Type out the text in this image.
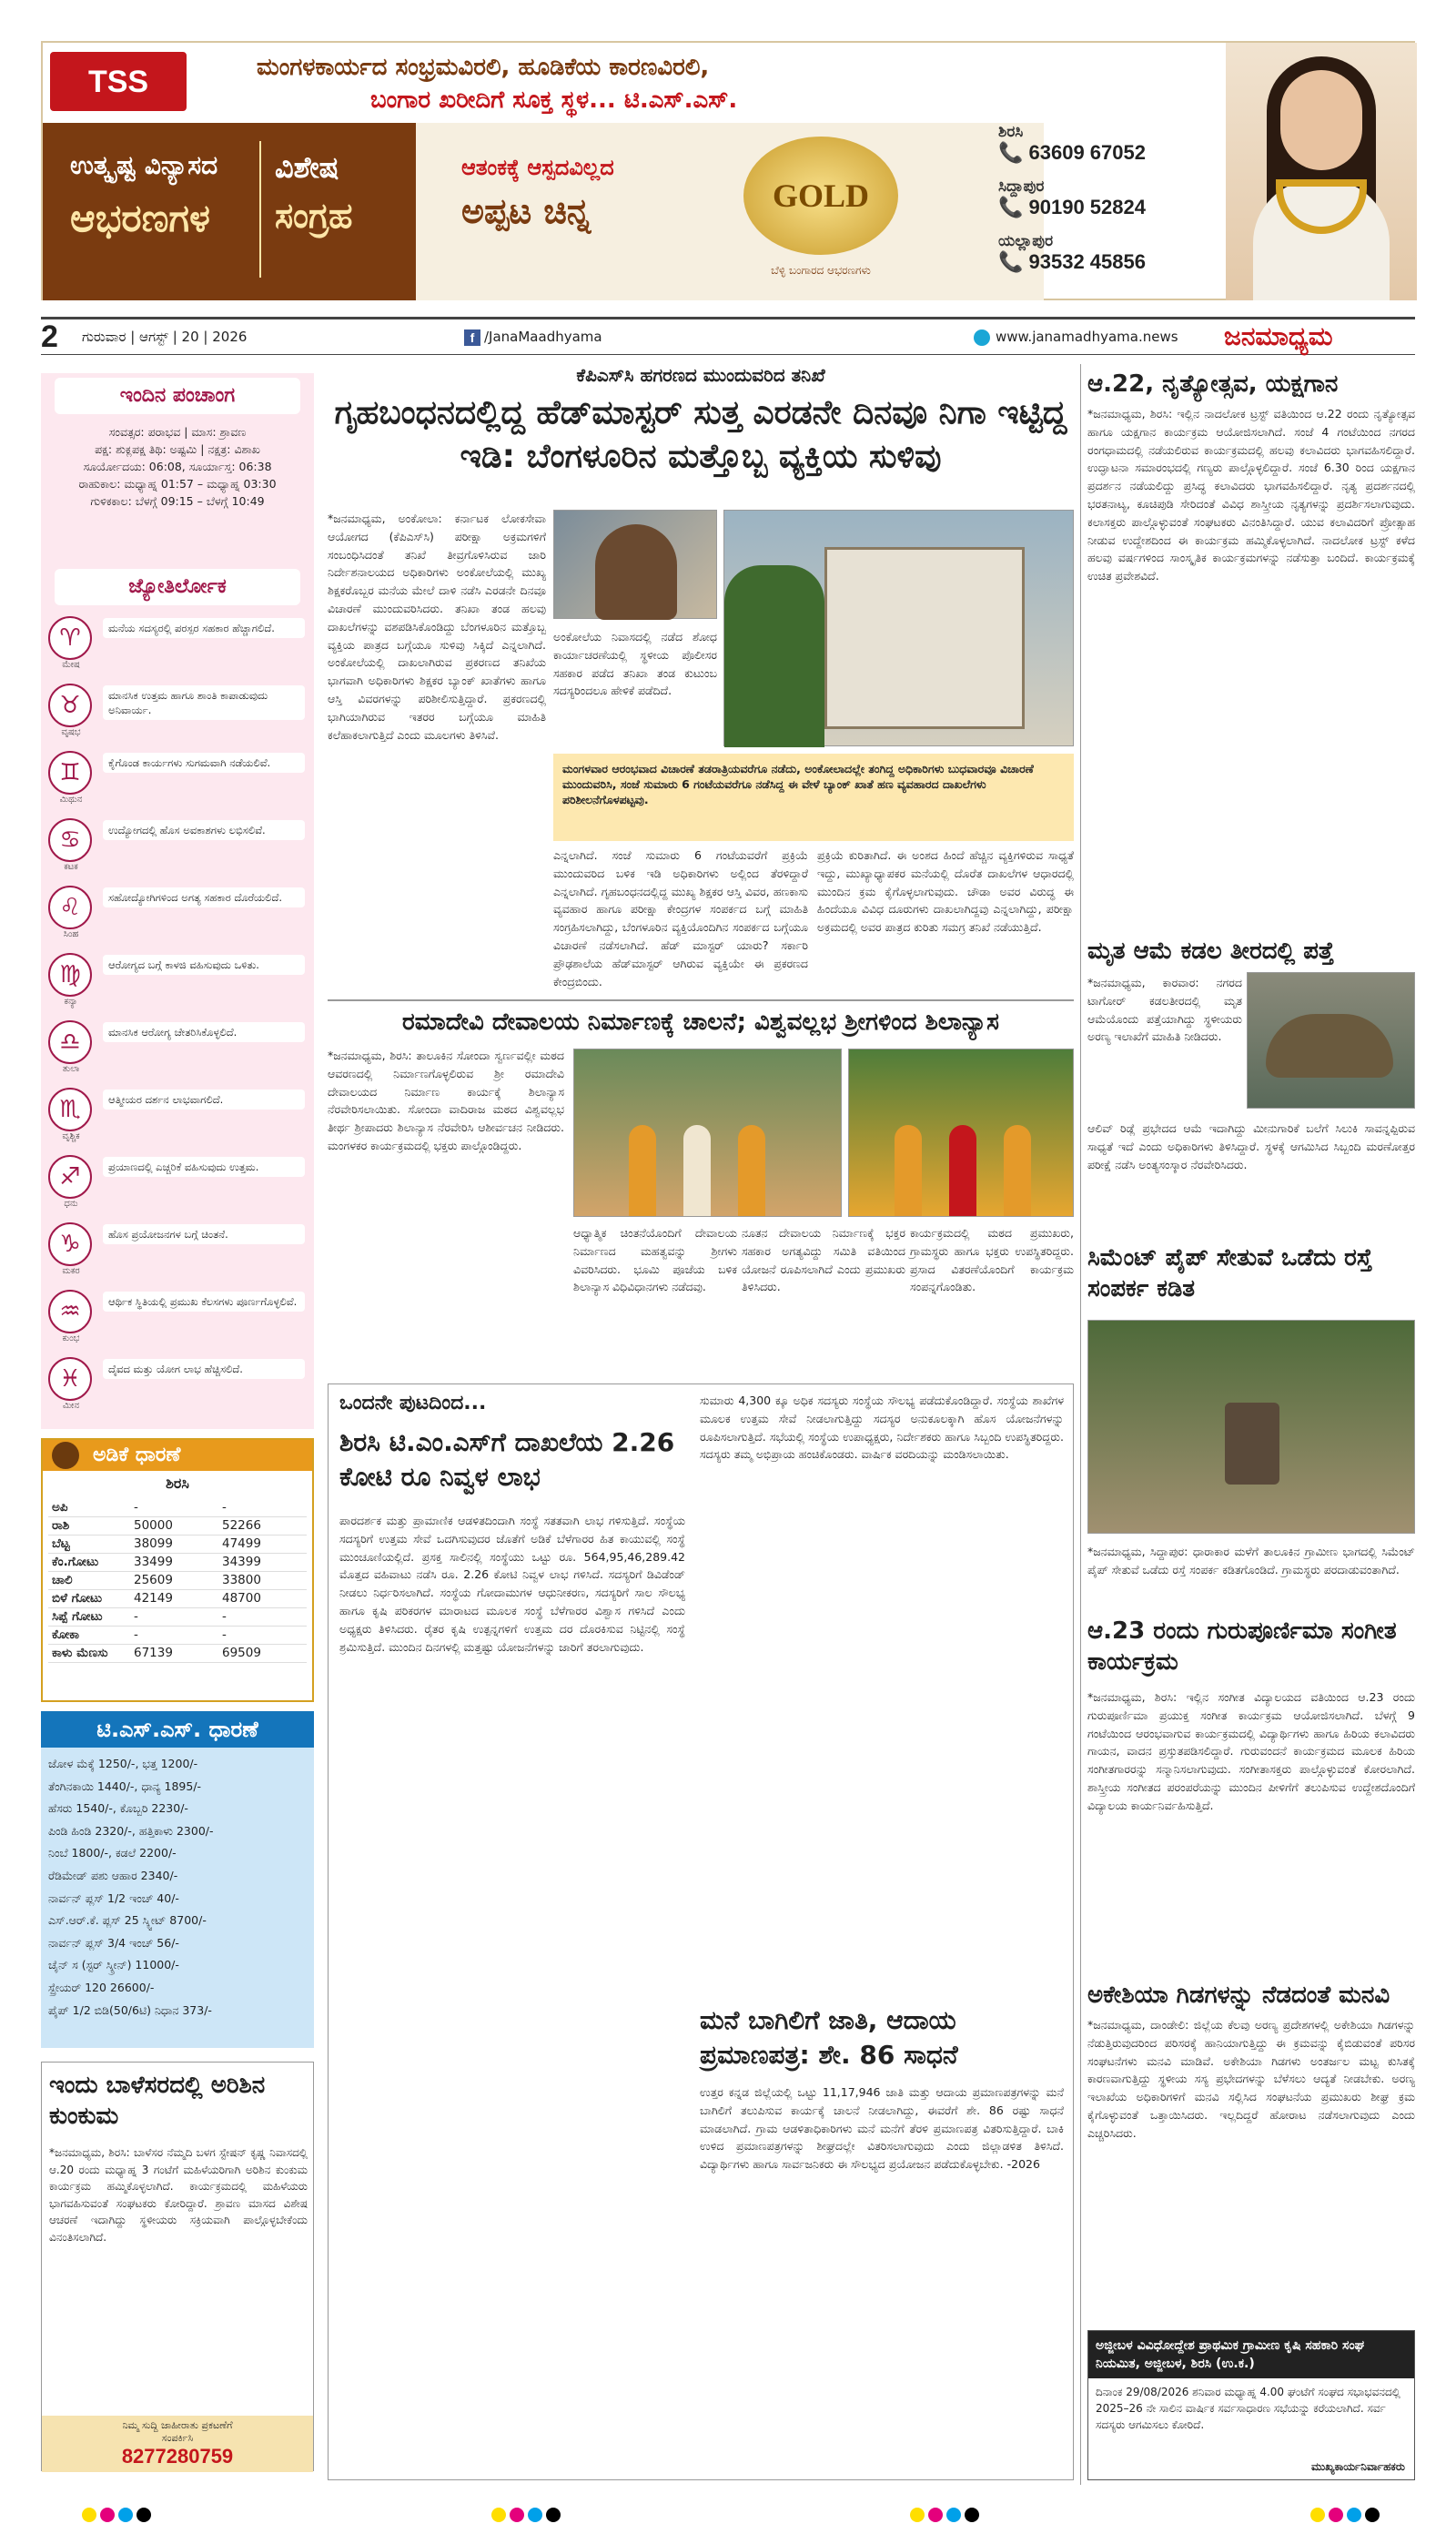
TSS	ಮಂಗಳಕಾರ್ಯದ ಸಂಭ್ರಮವಿರಲಿ, ಹೂಡಿಕೆಯ ಕಾರಣವಿರಲಿ,
ಬಂಗಾರ ಖರೀದಿಗೆ ಸೂಕ್ತ ಸ್ಥಳ... ಟಿ.ಎಸ್.ಎಸ್.
ಉತ್ಕೃಷ್ಟ ವಿನ್ಯಾಸದ
ಆಭರಣಗಳ
ವಿಶೇಷ
ಸಂಗ್ರಹ
ಆತಂಕಕ್ಕೆ ಆಸ್ಪದವಿಲ್ಲದ
ಅಪ್ಪಟ ಚಿನ್ನ	GOLD
ಬೆಳ್ಳಿ ಬಂಗಾರದ ಆಭರಣಗಳು
ಶಿರಸಿ
📞 63609 67052
ಸಿದ್ದಾಪುರ
📞 90190 52824
ಯಲ್ಲಾಪುರ
📞 93532 45856
2 ಗುರುವಾರ | ಆಗಸ್ಟ್ | 20 | 2026	f /JanaMaadhyama	www.janamadhyama.news ಜನಮಾಧ್ಯಮ
ಇಂದಿನ ಪಂಚಾಂಗ
ಸಂವತ್ಸರ: ಪರಾಭವ | ಮಾಸ: ಶ್ರಾವಣ
ಪಕ್ಷ: ಶುಕ್ಲಪಕ್ಷ ತಿಥಿ: ಅಷ್ಟಮಿ | ನಕ್ಷತ್ರ: ವಿಶಾಖ
ಸೂರ್ಯೋದಯ: 06:08, ಸೂರ್ಯಾಸ್ತ: 06:38
ರಾಹುಕಾಲ: ಮಧ್ಯಾಹ್ನ 01:57 – ಮಧ್ಯಾಹ್ನ 03:30
ಗುಳಿಕಕಾಲ: ಬೆಳಗ್ಗೆ 09:15 – ಬೆಳಗ್ಗೆ 10:49
ಜ್ಯೋತಿರ್ಲೋಕ
♈
ಮೇಷ
ಮನೆಯ ಸದಸ್ಯರಲ್ಲಿ ಪರಸ್ಪರ ಸಹಕಾರ ಹೆಚ್ಚಾಗಲಿದೆ.
♉
ವೃಷಭ
ಮಾನಸಿಕ ಉತ್ತಮ ಹಾಗೂ ಶಾಂತಿ ಕಾಪಾಡುವುದು ಅನಿವಾರ್ಯ.
♊
ಮಿಥುನ
ಕೈಗೊಂಡ ಕಾರ್ಯಗಳು ಸುಗಮವಾಗಿ ನಡೆಯಲಿವೆ.
♋
ಕಟಕ
ಉದ್ಯೋಗದಲ್ಲಿ ಹೊಸ ಅವಕಾಶಗಳು ಲಭಿಸಲಿವೆ.
♌
ಸಿಂಹ
ಸಹೋದ್ಯೋಗಿಗಳಿಂದ ಅಗತ್ಯ ಸಹಕಾರ ದೊರೆಯಲಿದೆ.
♍
ಕನ್ಯಾ
ಆರೋಗ್ಯದ ಬಗ್ಗೆ ಕಾಳಜಿ ವಹಿಸುವುದು ಒಳಿತು.
♎
ತುಲಾ
ಮಾನಸಿಕ ಆರೋಗ್ಯ ಚೇತರಿಸಿಕೊಳ್ಳಲಿದೆ.
♏
ವೃಶ್ಚಿಕ
ಆತ್ಮೀಯರ ದರ್ಶನ ಲಾಭವಾಗಲಿದೆ.
♐
ಧನು
ಪ್ರಯಾಣದಲ್ಲಿ ಎಚ್ಚರಿಕೆ ವಹಿಸುವುದು ಉತ್ತಮ.
♑
ಮಕರ
ಹೊಸ ಪ್ರಯೋಜನಗಳ ಬಗ್ಗೆ ಚಿಂತನೆ.
♒
ಕುಂಭ
ಆರ್ಥಿಕ ಸ್ಥಿತಿಯಲ್ಲಿ ಪ್ರಮುಖ ಕೆಲಸಗಳು ಪೂರ್ಣಗೊಳ್ಳಲಿವೆ.
♓
ಮೀನ
ದೈವದ ಮತ್ತು ಯೋಗ ಲಾಭ ಹೆಚ್ಚಿಸಲಿದೆ.
ಅಡಿಕೆ ಧಾರಣೆ
ಶಿರಸಿ
ಅಪಿ	-	-
ರಾಶಿ	50000	52266
ಬೆಟ್ಟ	38099	47499
ಕೆಂ.ಗೋಟು	33499	34399
ಚಾಲಿ	25609	33800
ಬಿಳೆ ಗೋಟು	42149	48700
ಸಿಪ್ಪೆ ಗೋಟು	-	-
ಕೋಕಾ	-	-
ಕಾಳು ಮೆಣಸು	67139	69509
ಟಿ.ಎಸ್.ಎಸ್. ಧಾರಣೆ
ಜೋಳ ಮೆಕ್ಕೆ 1250/-, ಭತ್ತ 1200/-
ತೆಂಗಿನಕಾಯಿ 1440/-, ಧಾನ್ಯ 1895/-
ಹೆಸರು 1540/-, ಕೊಬ್ಬರಿ 2230/-
ಪಿಂಡಿ ಹಿಂಡಿ 2320/-, ಹತ್ತಿಕಾಳು 2300/-
ನಿಂಬೆ 1800/-, ಕಡಲೆ 2200/-
ರೆಡಿಮೇಡ್ ಪಶು ಆಹಾರ 2340/-
ನಾರ್ವನ್ ಪ್ಲಸ್ 1/2 ಇಂಚ್ 40/-
ಎಸ್.ಆರ್.ಕೆ. ಪ್ಲಸ್ 25 ಸ್ಕ್ವೀಟ್ 8700/-
ನಾರ್ವನ್ ಪ್ಲಸ್ 3/4 ಇಂಚ್ 56/-
ಚೈನ್ ಸ (ಸ್ಟರ್ ಸ್ಕ್ರೀನ್) 11000/-
ಸ್ಪ್ರೇಯರ್ 120 26600/-
ಪೈಪ್ 1/2 ಬಿಡಿ(50/6ಟಿ) ನಿಧಾನ 373/-
ಇಂದು ಬಾಳೆಸರದಲ್ಲಿ ಅರಿಶಿನ ಕುಂಕುಮ
*ಜನಮಾಧ್ಯಮ, ಶಿರಸಿ: ಬಾಳೆಸರ ನೆಮ್ಮದಿ ಬಳಗ ಸ್ಟೇಷನ್ ಕೃಷ್ಣ ನಿವಾಸದಲ್ಲಿ ಆ.20 ರಂದು ಮಧ್ಯಾಹ್ನ 3 ಗಂಟೆಗೆ ಮಹಿಳೆಯರಿಗಾಗಿ ಅರಿಶಿನ ಕುಂಕುಮ ಕಾರ್ಯಕ್ರಮ ಹಮ್ಮಿಕೊಳ್ಳಲಾಗಿದೆ. ಕಾರ್ಯಕ್ರಮದಲ್ಲಿ ಮಹಿಳೆಯರು ಭಾಗವಹಿಸುವಂತೆ ಸಂಘಟಕರು ಕೋರಿದ್ದಾರೆ. ಶ್ರಾವಣ ಮಾಸದ ವಿಶೇಷ ಆಚರಣೆ ಇದಾಗಿದ್ದು ಸ್ಥಳೀಯರು ಸಕ್ರಿಯವಾಗಿ ಪಾಲ್ಗೊಳ್ಳಬೇಕೆಂದು ವಿನಂತಿಸಲಾಗಿದೆ.
ನಿಮ್ಮ ಸುದ್ದಿ ಜಾಹೀರಾತು ಪ್ರಕಟಣೆಗೆ
ಸಂಪರ್ಕಿಸಿ
8277280759
ಕೆಪಿಎಸ್‌ಸಿ ಹಗರಣದ ಮುಂದುವರಿದ ತನಿಖೆ
ಗೃಹಬಂಧನದಲ್ಲಿದ್ದ ಹೆಡ್‌ಮಾಸ್ಟರ್ ಸುತ್ತ ಎರಡನೇ ದಿನವೂ ನಿಗಾ ಇಟ್ಟಿದ್ದ ಇಡಿ: ಬೆಂಗಳೂರಿನ ಮತ್ತೊಬ್ಬ ವ್ಯಕ್ತಿಯ ಸುಳಿವು
*ಜನಮಾಧ್ಯಮ, ಅಂಕೋಲಾ: ಕರ್ನಾಟಕ ಲೋಕಸೇವಾ ಆಯೋಗದ (ಕೆಪಿಎಸ್‌ಸಿ) ಪರೀಕ್ಷಾ ಅಕ್ರಮಗಳಿಗೆ ಸಂಬಂಧಿಸಿದಂತೆ ತನಿಖೆ ತೀವ್ರಗೊಳಿಸಿರುವ ಜಾರಿ ನಿರ್ದೇಶನಾಲಯದ ಅಧಿಕಾರಿಗಳು ಅಂಕೋಲೆಯಲ್ಲಿ ಮುಖ್ಯ ಶಿಕ್ಷಕರೊಬ್ಬರ ಮನೆಯ ಮೇಲೆ ದಾಳಿ ನಡೆಸಿ ಎರಡನೇ ದಿನವೂ ವಿಚಾರಣೆ ಮುಂದುವರಿಸಿದರು. ತನಿಖಾ ತಂಡ ಹಲವು ದಾಖಲೆಗಳನ್ನು ವಶಪಡಿಸಿಕೊಂಡಿದ್ದು ಬೆಂಗಳೂರಿನ ಮತ್ತೊಬ್ಬ ವ್ಯಕ್ತಿಯ ಪಾತ್ರದ ಬಗ್ಗೆಯೂ ಸುಳಿವು ಸಿಕ್ಕಿದೆ ಎನ್ನಲಾಗಿದೆ. ಅಂಕೋಲೆಯಲ್ಲಿ ದಾಖಲಾಗಿರುವ ಪ್ರಕರಣದ ತನಿಖೆಯ ಭಾಗವಾಗಿ ಅಧಿಕಾರಿಗಳು ಶಿಕ್ಷಕರ ಬ್ಯಾಂಕ್ ಖಾತೆಗಳು ಹಾಗೂ ಆಸ್ತಿ ವಿವರಗಳನ್ನು ಪರಿಶೀಲಿಸುತ್ತಿದ್ದಾರೆ. ಪ್ರಕರಣದಲ್ಲಿ ಭಾಗಿಯಾಗಿರುವ ಇತರರ ಬಗ್ಗೆಯೂ ಮಾಹಿತಿ ಕಲೆಹಾಕಲಾಗುತ್ತಿದೆ ಎಂದು ಮೂಲಗಳು ತಿಳಿಸಿವೆ.
ಅಂಕೋಲೆಯ ನಿವಾಸದಲ್ಲಿ ನಡೆದ ಶೋಧ ಕಾರ್ಯಾಚರಣೆಯಲ್ಲಿ ಸ್ಥಳೀಯ ಪೊಲೀಸರ ಸಹಕಾರ ಪಡೆದ ತನಿಖಾ ತಂಡ ಕುಟುಂಬ ಸದಸ್ಯರಿಂದಲೂ ಹೇಳಿಕೆ ಪಡೆದಿದೆ.
ಮಂಗಳವಾರ ಆರಂಭವಾದ ವಿಚಾರಣೆ ತಡರಾತ್ರಿಯವರೆಗೂ ನಡೆದು, ಅಂಕೋಲಾದಲ್ಲೇ ತಂಗಿದ್ದ ಅಧಿಕಾರಿಗಳು ಬುಧವಾರವೂ ವಿಚಾರಣೆ ಮುಂದುವರಿಸಿ, ಸಂಜೆ ಸುಮಾರು 6 ಗಂಟೆಯವರೆಗೂ ನಡೆಸಿದ್ದ ಈ ವೇಳೆ ಬ್ಯಾಂಕ್ ಖಾತೆ ಹಣ ವ್ಯವಹಾರದ ದಾಖಲೆಗಳು ಪರಿಶೀಲನೆಗೊಳಪಟ್ಟವು.
ಎನ್ನಲಾಗಿದೆ. ಸಂಜೆ ಸುಮಾರು 6 ಗಂಟೆಯವರೆಗೆ ಪ್ರಕ್ರಿಯೆ ಮುಂದುವರಿದ ಬಳಿಕ ಇಡಿ ಅಧಿಕಾರಿಗಳು ಅಲ್ಲಿಂದ ತೆರಳಿದ್ದಾರೆ ಎನ್ನಲಾಗಿದೆ. ಗೃಹಬಂಧನದಲ್ಲಿದ್ದ ಮುಖ್ಯ ಶಿಕ್ಷಕರ ಆಸ್ತಿ ವಿವರ, ಹಣಕಾಸು ವ್ಯವಹಾರ ಹಾಗೂ ಪರೀಕ್ಷಾ ಕೇಂದ್ರಗಳ ಸಂಪರ್ಕದ ಬಗ್ಗೆ ಮಾಹಿತಿ ಸಂಗ್ರಹಿಸಲಾಗಿದ್ದು, ಬೆಂಗಳೂರಿನ ವ್ಯಕ್ತಿಯೊಂದಿಗಿನ ಸಂಪರ್ಕದ ಬಗ್ಗೆಯೂ ವಿಚಾರಣೆ ನಡೆಸಲಾಗಿದೆ. ಹೆಡ್ ಮಾಸ್ಟರ್ ಯಾರು? ಸರ್ಕಾರಿ ಪ್ರೌಢಶಾಲೆಯ ಹೆಡ್‌ಮಾಸ್ಟರ್ ಆಗಿರುವ ವ್ಯಕ್ತಿಯೇ ಈ ಪ್ರಕರಣದ ಕೇಂದ್ರಬಿಂದು.
ಪ್ರಕ್ರಿಯೆ ಕುರಿತಾಗಿದೆ. ಈ ಅಂಶದ ಹಿಂದೆ ಹೆಚ್ಚಿನ ವ್ಯಕ್ತಿಗಳಿರುವ ಸಾಧ್ಯತೆ ಇದ್ದು, ಮುಖ್ಯಾಧ್ಯಾಪಕರ ಮನೆಯಲ್ಲಿ ದೊರೆತ ದಾಖಲೆಗಳ ಆಧಾರದಲ್ಲಿ ಮುಂದಿನ ಕ್ರಮ ಕೈಗೊಳ್ಳಲಾಗುವುದು. ಚೌಡಾ ಅವರ ವಿರುದ್ಧ ಈ ಹಿಂದೆಯೂ ವಿವಿಧ ದೂರುಗಳು ದಾಖಲಾಗಿದ್ದವು ಎನ್ನಲಾಗಿದ್ದು, ಪರೀಕ್ಷಾ ಅಕ್ರಮದಲ್ಲಿ ಅವರ ಪಾತ್ರದ ಕುರಿತು ಸಮಗ್ರ ತನಿಖೆ ನಡೆಯುತ್ತಿದೆ.
ರಮಾದೇವಿ ದೇವಾಲಯ ನಿರ್ಮಾಣಕ್ಕೆ ಚಾಲನೆ; ವಿಶ್ವವಲ್ಲಭ ಶ್ರೀಗಳಿಂದ ಶಿಲಾನ್ಯಾಸ
*ಜನಮಾಧ್ಯಮ, ಶಿರಸಿ: ತಾಲೂಕಿನ ಸೋಂದಾ ಸ್ವರ್ಣವಲ್ಲೀ ಮಠದ ಆವರಣದಲ್ಲಿ ನಿರ್ಮಾಣಗೊಳ್ಳಲಿರುವ ಶ್ರೀ ರಮಾದೇವಿ ದೇವಾಲಯದ ನಿರ್ಮಾಣ ಕಾರ್ಯಕ್ಕೆ ಶಿಲಾನ್ಯಾಸ ನೆರವೇರಿಸಲಾಯಿತು. ಸೋಂದಾ ವಾದಿರಾಜ ಮಠದ ವಿಶ್ವವಲ್ಲಭ ತೀರ್ಥ ಶ್ರೀಪಾದರು ಶಿಲಾನ್ಯಾಸ ನೆರವೇರಿಸಿ ಆಶೀರ್ವಚನ ನೀಡಿದರು. ಮಂಗಳಕರ ಕಾರ್ಯಕ್ರಮದಲ್ಲಿ ಭಕ್ತರು ಪಾಲ್ಗೊಂಡಿದ್ದರು.
ಆಧ್ಯಾತ್ಮಿಕ ಚಿಂತನೆಯೊಂದಿಗೆ ದೇವಾಲಯ ನಿರ್ಮಾಣದ ಮಹತ್ವವನ್ನು ಶ್ರೀಗಳು ವಿವರಿಸಿದರು. ಭೂಮಿ ಪೂಜೆಯ ಬಳಿಕ ಶಿಲಾನ್ಯಾಸ ವಿಧಿವಿಧಾನಗಳು ನಡೆದವು.
ನೂತನ ದೇವಾಲಯ ನಿರ್ಮಾಣಕ್ಕೆ ಭಕ್ತರ ಸಹಕಾರ ಅಗತ್ಯವಿದ್ದು ಸಮಿತಿ ವತಿಯಿಂದ ಯೋಜನೆ ರೂಪಿಸಲಾಗಿದೆ ಎಂದು ಪ್ರಮುಖರು ತಿಳಿಸಿದರು.
ಕಾರ್ಯಕ್ರಮದಲ್ಲಿ ಮಠದ ಪ್ರಮುಖರು, ಗ್ರಾಮಸ್ಥರು ಹಾಗೂ ಭಕ್ತರು ಉಪಸ್ಥಿತರಿದ್ದರು. ಪ್ರಸಾದ ವಿತರಣೆಯೊಂದಿಗೆ ಕಾರ್ಯಕ್ರಮ ಸಂಪನ್ನಗೊಂಡಿತು.
ಒಂದನೇ ಪುಟದಿಂದ...
ಶಿರಸಿ ಟಿ.ಎಂ.ಎಸ್‌ಗೆ ದಾಖಲೆಯ 2.26 ಕೋಟಿ ರೂ ನಿವ್ವಳ ಲಾಭ
ಪಾರದರ್ಶಕ ಮತ್ತು ಪ್ರಾಮಾಣಿಕ ಆಡಳಿತದಿಂದಾಗಿ ಸಂಸ್ಥೆ ಸತತವಾಗಿ ಲಾಭ ಗಳಿಸುತ್ತಿದೆ. ಸಂಸ್ಥೆಯ ಸದಸ್ಯರಿಗೆ ಉತ್ತಮ ಸೇವೆ ಒದಗಿಸುವುದರ ಜೊತೆಗೆ ಅಡಿಕೆ ಬೆಳೆಗಾರರ ಹಿತ ಕಾಯುವಲ್ಲಿ ಸಂಸ್ಥೆ ಮುಂಚೂಣಿಯಲ್ಲಿದೆ. ಪ್ರಸಕ್ತ ಸಾಲಿನಲ್ಲಿ ಸಂಸ್ಥೆಯು ಒಟ್ಟು ರೂ. 564,95,46,289.42 ಮೊತ್ತದ ವಹಿವಾಟು ನಡೆಸಿ ರೂ. 2.26 ಕೋಟಿ ನಿವ್ವಳ ಲಾಭ ಗಳಿಸಿದೆ. ಸದಸ್ಯರಿಗೆ ಡಿವಿಡೆಂಡ್ ನೀಡಲು ನಿರ್ಧರಿಸಲಾಗಿದೆ. ಸಂಸ್ಥೆಯ ಗೋದಾಮುಗಳ ಆಧುನೀಕರಣ, ಸದಸ್ಯರಿಗೆ ಸಾಲ ಸೌಲಭ್ಯ ಹಾಗೂ ಕೃಷಿ ಪರಿಕರಗಳ ಮಾರಾಟದ ಮೂಲಕ ಸಂಸ್ಥೆ ಬೆಳೆಗಾರರ ವಿಶ್ವಾಸ ಗಳಿಸಿದೆ ಎಂದು ಅಧ್ಯಕ್ಷರು ತಿಳಿಸಿದರು. ರೈತರ ಕೃಷಿ ಉತ್ಪನ್ನಗಳಿಗೆ ಉತ್ತಮ ದರ ದೊರಕಿಸುವ ನಿಟ್ಟಿನಲ್ಲಿ ಸಂಸ್ಥೆ ಶ್ರಮಿಸುತ್ತಿದೆ. ಮುಂದಿನ ದಿನಗಳಲ್ಲಿ ಮತ್ತಷ್ಟು ಯೋಜನೆಗಳನ್ನು ಜಾರಿಗೆ ತರಲಾಗುವುದು.
ಸುಮಾರು 4,300 ಕ್ಕೂ ಅಧಿಕ ಸದಸ್ಯರು ಸಂಸ್ಥೆಯ ಸೌಲಭ್ಯ ಪಡೆದುಕೊಂಡಿದ್ದಾರೆ. ಸಂಸ್ಥೆಯ ಶಾಖೆಗಳ ಮೂಲಕ ಉತ್ತಮ ಸೇವೆ ನೀಡಲಾಗುತ್ತಿದ್ದು ಸದಸ್ಯರ ಅನುಕೂಲಕ್ಕಾಗಿ ಹೊಸ ಯೋಜನೆಗಳನ್ನು ರೂಪಿಸಲಾಗುತ್ತಿದೆ. ಸಭೆಯಲ್ಲಿ ಸಂಸ್ಥೆಯ ಉಪಾಧ್ಯಕ್ಷರು, ನಿರ್ದೇಶಕರು ಹಾಗೂ ಸಿಬ್ಬಂದಿ ಉಪಸ್ಥಿತರಿದ್ದರು. ಸದಸ್ಯರು ತಮ್ಮ ಅಭಿಪ್ರಾಯ ಹಂಚಿಕೊಂಡರು. ವಾರ್ಷಿಕ ವರದಿಯನ್ನು ಮಂಡಿಸಲಾಯಿತು.
ಮನೆ ಬಾಗಿಲಿಗೆ ಜಾತಿ, ಆದಾಯ ಪ್ರಮಾಣಪತ್ರ: ಶೇ. 86 ಸಾಧನೆ
ಉತ್ತರ ಕನ್ನಡ ಜಿಲ್ಲೆಯಲ್ಲಿ ಒಟ್ಟು 11,17,946 ಜಾತಿ ಮತ್ತು ಆದಾಯ ಪ್ರಮಾಣಪತ್ರಗಳನ್ನು ಮನೆ ಬಾಗಿಲಿಗೆ ತಲುಪಿಸುವ ಕಾರ್ಯಕ್ಕೆ ಚಾಲನೆ ನೀಡಲಾಗಿದ್ದು, ಈವರೆಗೆ ಶೇ. 86 ರಷ್ಟು ಸಾಧನೆ ಮಾಡಲಾಗಿದೆ. ಗ್ರಾಮ ಆಡಳಿತಾಧಿಕಾರಿಗಳು ಮನೆ ಮನೆಗೆ ತೆರಳಿ ಪ್ರಮಾಣಪತ್ರ ವಿತರಿಸುತ್ತಿದ್ದಾರೆ. ಬಾಕಿ ಉಳಿದ ಪ್ರಮಾಣಪತ್ರಗಳನ್ನು ಶೀಘ್ರದಲ್ಲೇ ವಿತರಿಸಲಾಗುವುದು ಎಂದು ಜಿಲ್ಲಾಡಳಿತ ತಿಳಿಸಿದೆ. ವಿದ್ಯಾರ್ಥಿಗಳು ಹಾಗೂ ಸಾರ್ವಜನಿಕರು ಈ ಸೌಲಭ್ಯದ ಪ್ರಯೋಜನ ಪಡೆದುಕೊಳ್ಳಬೇಕು. -2026
ಆ.22, ನೃತ್ಯೋತ್ಸವ, ಯಕ್ಷಗಾನ
*ಜನಮಾಧ್ಯಮ, ಶಿರಸಿ: ಇಲ್ಲಿನ ನಾದಲೋಕ ಟ್ರಸ್ಟ್ ವತಿಯಿಂದ ಆ.22 ರಂದು ನೃತ್ಯೋತ್ಸವ ಹಾಗೂ ಯಕ್ಷಗಾನ ಕಾರ್ಯಕ್ರಮ ಆಯೋಜಿಸಲಾಗಿದೆ. ಸಂಜೆ 4 ಗಂಟೆಯಿಂದ ನಗರದ ರಂಗಧಾಮದಲ್ಲಿ ನಡೆಯಲಿರುವ ಕಾರ್ಯಕ್ರಮದಲ್ಲಿ ಹಲವು ಕಲಾವಿದರು ಭಾಗವಹಿಸಲಿದ್ದಾರೆ. ಉದ್ಘಾಟನಾ ಸಮಾರಂಭದಲ್ಲಿ ಗಣ್ಯರು ಪಾಲ್ಗೊಳ್ಳಲಿದ್ದಾರೆ. ಸಂಜೆ 6.30 ರಿಂದ ಯಕ್ಷಗಾನ ಪ್ರದರ್ಶನ ನಡೆಯಲಿದ್ದು ಪ್ರಸಿದ್ಧ ಕಲಾವಿದರು ಭಾಗವಹಿಸಲಿದ್ದಾರೆ. ನೃತ್ಯ ಪ್ರದರ್ಶನದಲ್ಲಿ ಭರತನಾಟ್ಯ, ಕೂಚಿಪುಡಿ ಸೇರಿದಂತೆ ವಿವಿಧ ಶಾಸ್ತ್ರೀಯ ನೃತ್ಯಗಳನ್ನು ಪ್ರದರ್ಶಿಸಲಾಗುವುದು. ಕಲಾಸಕ್ತರು ಪಾಲ್ಗೊಳ್ಳುವಂತೆ ಸಂಘಟಕರು ವಿನಂತಿಸಿದ್ದಾರೆ. ಯುವ ಕಲಾವಿದರಿಗೆ ಪ್ರೋತ್ಸಾಹ ನೀಡುವ ಉದ್ದೇಶದಿಂದ ಈ ಕಾರ್ಯಕ್ರಮ ಹಮ್ಮಿಕೊಳ್ಳಲಾಗಿದೆ. ನಾದಲೋಕ ಟ್ರಸ್ಟ್ ಕಳೆದ ಹಲವು ವರ್ಷಗಳಿಂದ ಸಾಂಸ್ಕೃತಿಕ ಕಾರ್ಯಕ್ರಮಗಳನ್ನು ನಡೆಸುತ್ತಾ ಬಂದಿದೆ. ಕಾರ್ಯಕ್ರಮಕ್ಕೆ ಉಚಿತ ಪ್ರವೇಶವಿದೆ.
ಮೃತ ಆಮೆ ಕಡಲ ತೀರದಲ್ಲಿ ಪತ್ತೆ
*ಜನಮಾಧ್ಯಮ, ಕಾರವಾರ: ನಗರದ ಟಾಗೋರ್ ಕಡಲತೀರದಲ್ಲಿ ಮೃತ ಆಮೆಯೊಂದು ಪತ್ತೆಯಾಗಿದ್ದು ಸ್ಥಳೀಯರು ಅರಣ್ಯ ಇಲಾಖೆಗೆ ಮಾಹಿತಿ ನೀಡಿದರು.
ಆಲಿವ್ ರಿಡ್ಲೆ ಪ್ರಭೇದದ ಆಮೆ ಇದಾಗಿದ್ದು ಮೀನುಗಾರಿಕೆ ಬಲೆಗೆ ಸಿಲುಕಿ ಸಾವನ್ನಪ್ಪಿರುವ ಸಾಧ್ಯತೆ ಇದೆ ಎಂದು ಅಧಿಕಾರಿಗಳು ತಿಳಿಸಿದ್ದಾರೆ. ಸ್ಥಳಕ್ಕೆ ಆಗಮಿಸಿದ ಸಿಬ್ಬಂದಿ ಮರಣೋತ್ತರ ಪರೀಕ್ಷೆ ನಡೆಸಿ ಅಂತ್ಯಸಂಸ್ಕಾರ ನೆರವೇರಿಸಿದರು.
ಸಿಮೆಂಟ್ ಪೈಪ್ ಸೇತುವೆ ಒಡೆದು ರಸ್ತೆ ಸಂಪರ್ಕ ಕಡಿತ
*ಜನಮಾಧ್ಯಮ, ಸಿದ್ದಾಪುರ: ಧಾರಾಕಾರ ಮಳೆಗೆ ತಾಲೂಕಿನ ಗ್ರಾಮೀಣ ಭಾಗದಲ್ಲಿ ಸಿಮೆಂಟ್ ಪೈಪ್ ಸೇತುವೆ ಒಡೆದು ರಸ್ತೆ ಸಂಪರ್ಕ ಕಡಿತಗೊಂಡಿದೆ. ಗ್ರಾಮಸ್ಥರು ಪರದಾಡುವಂತಾಗಿದೆ.
ಆ.23 ರಂದು ಗುರುಪೂರ್ಣಿಮಾ ಸಂಗೀತ ಕಾರ್ಯಕ್ರಮ
*ಜನಮಾಧ್ಯಮ, ಶಿರಸಿ: ಇಲ್ಲಿನ ಸಂಗೀತ ವಿದ್ಯಾಲಯದ ವತಿಯಿಂದ ಆ.23 ರಂದು ಗುರುಪೂರ್ಣಿಮಾ ಪ್ರಯುಕ್ತ ಸಂಗೀತ ಕಾರ್ಯಕ್ರಮ ಆಯೋಜಿಸಲಾಗಿದೆ. ಬೆಳಗ್ಗೆ 9 ಗಂಟೆಯಿಂದ ಆರಂಭವಾಗುವ ಕಾರ್ಯಕ್ರಮದಲ್ಲಿ ವಿದ್ಯಾರ್ಥಿಗಳು ಹಾಗೂ ಹಿರಿಯ ಕಲಾವಿದರು ಗಾಯನ, ವಾದನ ಪ್ರಸ್ತುತಪಡಿಸಲಿದ್ದಾರೆ. ಗುರುವಂದನೆ ಕಾರ್ಯಕ್ರಮದ ಮೂಲಕ ಹಿರಿಯ ಸಂಗೀತಗಾರರನ್ನು ಸನ್ಮಾನಿಸಲಾಗುವುದು. ಸಂಗೀತಾಸಕ್ತರು ಪಾಲ್ಗೊಳ್ಳುವಂತೆ ಕೋರಲಾಗಿದೆ. ಶಾಸ್ತ್ರೀಯ ಸಂಗೀತದ ಪರಂಪರೆಯನ್ನು ಮುಂದಿನ ಪೀಳಿಗೆಗೆ ತಲುಪಿಸುವ ಉದ್ದೇಶದೊಂದಿಗೆ ವಿದ್ಯಾಲಯ ಕಾರ್ಯನಿರ್ವಹಿಸುತ್ತಿದೆ.
ಅಕೇಶಿಯಾ ಗಿಡಗಳನ್ನು ನೆಡದಂತೆ ಮನವಿ
*ಜನಮಾಧ್ಯಮ, ದಾಂಡೇಲಿ: ಜಿಲ್ಲೆಯ ಕೆಲವು ಅರಣ್ಯ ಪ್ರದೇಶಗಳಲ್ಲಿ ಅಕೇಶಿಯಾ ಗಿಡಗಳನ್ನು ನೆಡುತ್ತಿರುವುದರಿಂದ ಪರಿಸರಕ್ಕೆ ಹಾನಿಯಾಗುತ್ತಿದ್ದು ಈ ಕ್ರಮವನ್ನು ಕೈಬಿಡುವಂತೆ ಪರಿಸರ ಸಂಘಟನೆಗಳು ಮನವಿ ಮಾಡಿವೆ. ಅಕೇಶಿಯಾ ಗಿಡಗಳು ಅಂತರ್ಜಲ ಮಟ್ಟ ಕುಸಿತಕ್ಕೆ ಕಾರಣವಾಗುತ್ತಿದ್ದು ಸ್ಥಳೀಯ ಸಸ್ಯ ಪ್ರಭೇದಗಳನ್ನು ಬೆಳೆಸಲು ಆದ್ಯತೆ ನೀಡಬೇಕು. ಅರಣ್ಯ ಇಲಾಖೆಯ ಅಧಿಕಾರಿಗಳಿಗೆ ಮನವಿ ಸಲ್ಲಿಸಿದ ಸಂಘಟನೆಯ ಪ್ರಮುಖರು ಶೀಘ್ರ ಕ್ರಮ ಕೈಗೊಳ್ಳುವಂತೆ ಒತ್ತಾಯಿಸಿದರು. ಇಲ್ಲದಿದ್ದರೆ ಹೋರಾಟ ನಡೆಸಲಾಗುವುದು ಎಂದು ಎಚ್ಚರಿಸಿದರು.
ಅಜ್ಜೀಬಳ ವಿವಿಧೋದ್ದೇಶ ಪ್ರಾಥಮಿಕ ಗ್ರಾಮೀಣ ಕೃಷಿ ಸಹಕಾರಿ ಸಂಘ ನಿಯಮಿತ, ಅಜ್ಜೀಬಳ, ಶಿರಸಿ (ಉ.ಕ.)
ದಿನಾಂಕ 29/08/2026 ಶನಿವಾರ ಮಧ್ಯಾಹ್ನ 4.00 ಘಂಟೆಗೆ ಸಂಘದ ಸಭಾಭವನದಲ್ಲಿ 2025–26 ನೇ ಸಾಲಿನ ವಾರ್ಷಿಕ ಸರ್ವಸಾಧಾರಣ ಸಭೆಯನ್ನು ಕರೆಯಲಾಗಿದೆ. ಸರ್ವ ಸದಸ್ಯರು ಆಗಮಿಸಲು ಕೋರಿದೆ.
ಮುಖ್ಯಕಾರ್ಯನಿರ್ವಾಹಕರು
